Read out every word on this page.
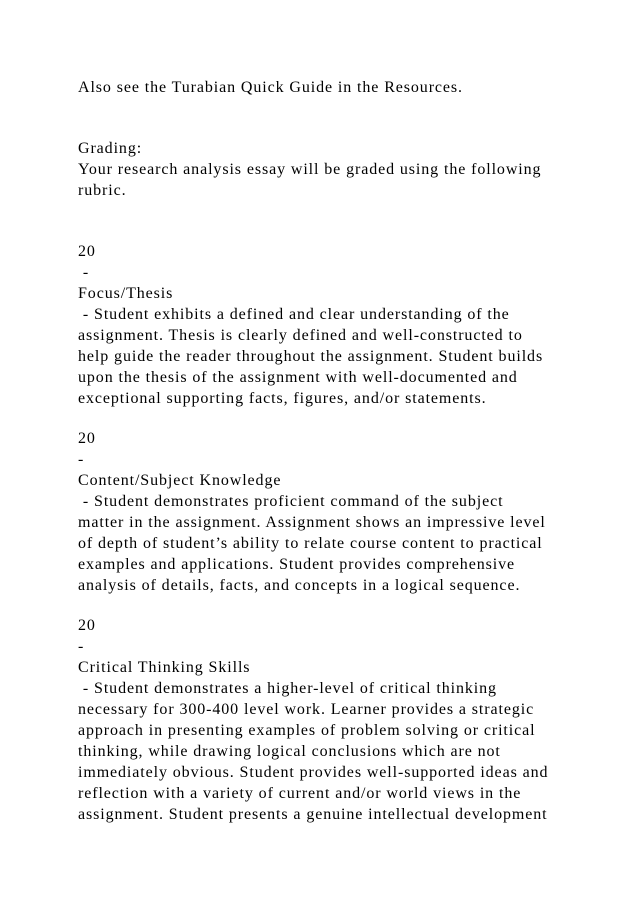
Also see the Turabian Quick Guide in the Resources.
Grading:
Your research analysis essay will be graded using the following
rubric.
20
-
Focus/Thesis
- Student exhibits a defined and clear understanding of the
assignment. Thesis is clearly defined and well-constructed to
help guide the reader throughout the assignment. Student builds
upon the thesis of the assignment with well-documented and
exceptional supporting facts, figures, and/or statements.
20
-
Content/Subject Knowledge
- Student demonstrates proficient command of the subject
matter in the assignment. Assignment shows an impressive level
of depth of student’s ability to relate course content to practical
examples and applications. Student provides comprehensive
analysis of details, facts, and concepts in a logical sequence.
20
-
Critical Thinking Skills
- Student demonstrates a higher-level of critical thinking
necessary for 300-400 level work. Learner provides a strategic
approach in presenting examples of problem solving or critical
thinking, while drawing logical conclusions which are not
immediately obvious. Student provides well-supported ideas and
reflection with a variety of current and/or world views in the
assignment. Student presents a genuine intellectual development
